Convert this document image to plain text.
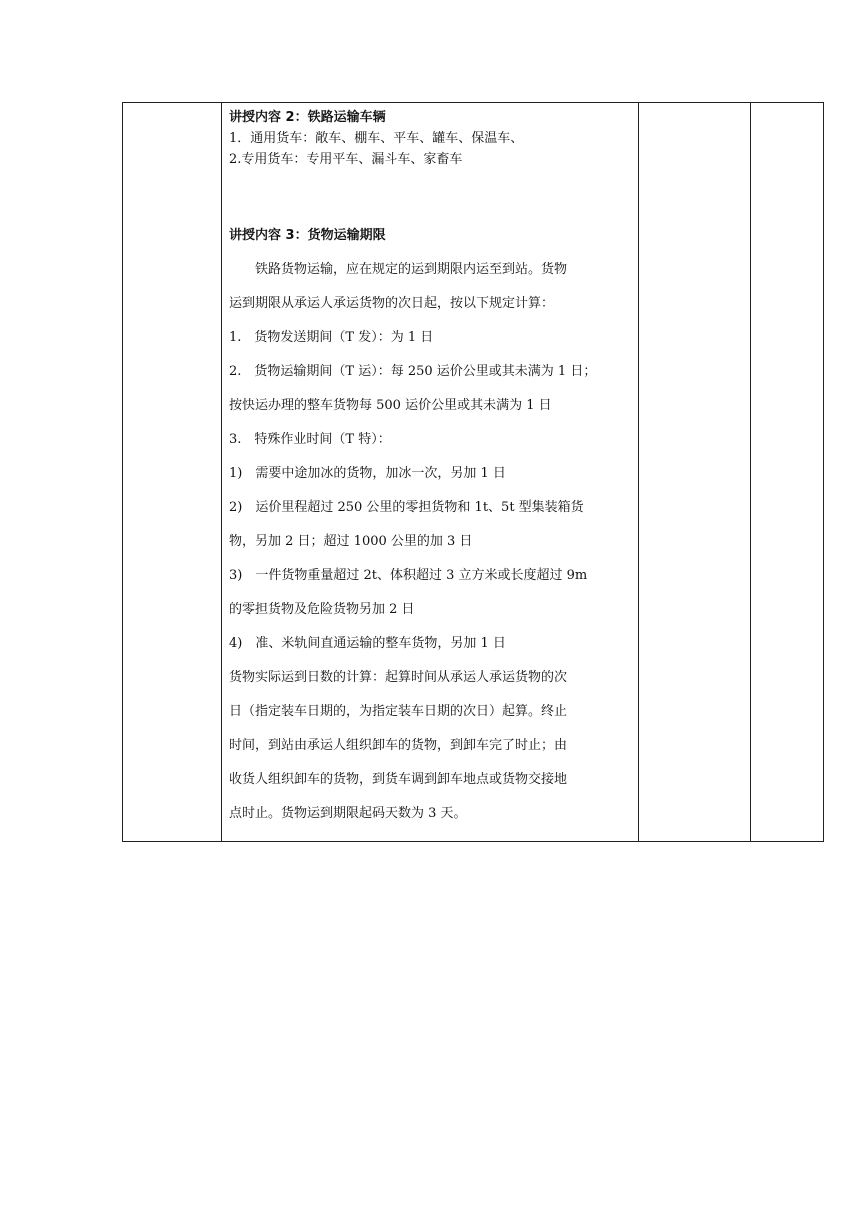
讲授内容 2：铁路运输车辆
1．通用货车：敞车、棚车、平车、罐车、保温车、
2.专用货车：专用平车、漏斗车、家畜车
讲授内容 3：货物运输期限
铁路货物运输，应在规定的运到期限内运至到站。货物
运到期限从承运人承运货物的次日起，按以下规定计算：
1.　货物发送期间（T 发）：为 1 日
2.　货物运输期间（T 运）：每 250 运价公里或其未满为 1 日；
按快运办理的整车货物每 500 运价公里或其未满为 1 日
3.　特殊作业时间（T 特）：
1)　需要中途加冰的货物，加冰一次，另加 1 日
2)　运价里程超过 250 公里的零担货物和 1t、5t 型集装箱货
物，另加 2 日；超过 1000 公里的加 3 日
3)　一件货物重量超过 2t、体积超过 3 立方米或长度超过 9m
的零担货物及危险货物另加 2 日
4)　准、米轨间直通运输的整车货物，另加 1 日
货物实际运到日数的计算：起算时间从承运人承运货物的次
日（指定装车日期的，为指定装车日期的次日）起算。终止
时间，到站由承运人组织卸车的货物，到卸车完了时止；由
收货人组织卸车的货物，到货车调到卸车地点或货物交接地
点时止。货物运到期限起码天数为 3 天。
